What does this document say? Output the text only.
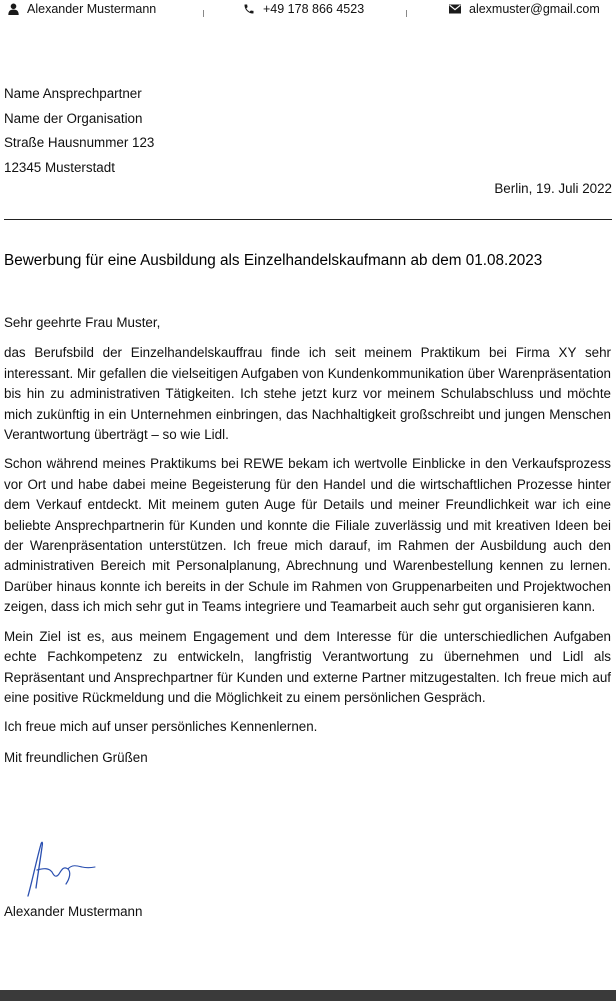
Alexander Mustermann	+49 178 866 4523	alexmuster@gmail.com
Name Ansprechpartner
Name der Organisation
Straße Hausnummer 123
12345 Musterstadt
Berlin, 19. Juli 2022
Bewerbung für eine Ausbildung als Einzelhandelskaufmann ab dem 01.08.2023

Sehr geehrte Frau Muster,

das Berufsbild der Einzelhandelskauffrau finde ich seit meinem Praktikum bei Firma XY sehr interessant. Mir gefallen die vielseitigen Aufgaben von Kundenkommunikation über Warenpräsentation bis hin zu administrativen Tätigkeiten. Ich stehe jetzt kurz vor meinem Schulabschluss und möchte mich zukünftig in ein Unternehmen einbringen, das Nachhaltigkeit großschreibt und jungen Menschen Verantwortung überträgt – so wie Lidl.

Schon während meines Praktikums bei REWE bekam ich wertvolle Einblicke in den Verkaufsprozess vor Ort und habe dabei meine Begeisterung für den Handel und die wirtschaftlichen Prozesse hinter dem Verkauf entdeckt. Mit meinem guten Auge für Details und meiner Freundlichkeit war ich eine beliebte Ansprechpartnerin für Kunden und konnte die Filiale zuverlässig und mit kreativen Ideen bei der Warenpräsentation unterstützen. Ich freue mich darauf, im Rahmen der Ausbildung auch den administrativen Bereich mit Personalplanung, Abrechnung und Warenbestellung kennen zu lernen. Darüber hinaus konnte ich bereits in der Schule im Rahmen von Gruppenarbeiten und Projektwochen zeigen, dass ich mich sehr gut in Teams integriere und Teamarbeit auch sehr gut organisieren kann.

Mein Ziel ist es, aus meinem Engagement und dem Interesse für die unterschiedlichen Aufgaben echte Fachkompetenz zu entwickeln, langfristig Verantwortung zu übernehmen und Lidl als Repräsentant und Ansprechpartner für Kunden und externe Partner mitzugestalten. Ich freue mich auf eine positive Rückmeldung und die Möglichkeit zu einem persönlichen Gespräch.

Ich freue mich auf unser persönliches Kennenlernen.

Mit freundlichen Grüßen

Alexander Mustermann
